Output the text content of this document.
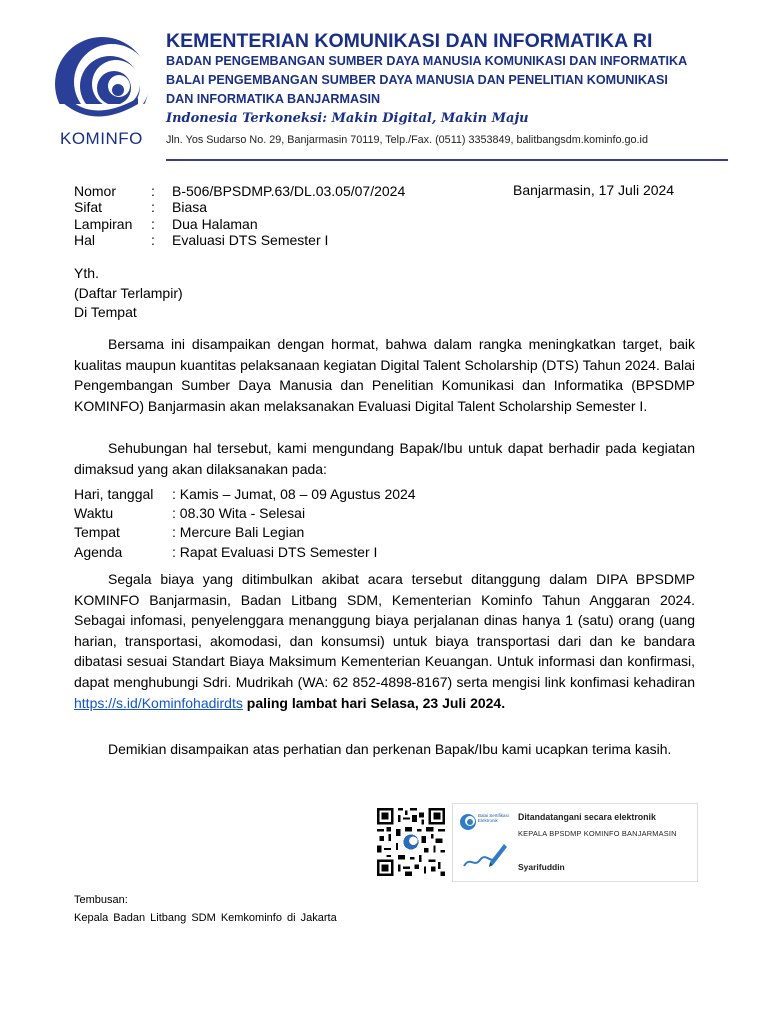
KOMINFO
KEMENTERIAN KOMUNIKASI DAN INFORMATIKA RI
BADAN PENGEMBANGAN SUMBER DAYA MANUSIA KOMUNIKASI DAN INFORMATIKA
BALAI PENGEMBANGAN SUMBER DAYA MANUSIA DAN PENELITIAN KOMUNIKASI
DAN INFORMATIKA BANJARMASIN
Indonesia Terkoneksi: Makin Digital, Makin Maju
Jln. Yos Sudarso No. 29, Banjarmasin 70119, Telp./Fax. (0511) 3353849, balitbangsdm.kominfo.go.id
Nomor : B-506/BPSDMP.63/DL.03.05/07/2024
Sifat	: Biasa
Lampiran : Dua Halaman
Hal	: Evaluasi DTS Semester I
Banjarmasin, 17 Juli 2024
Yth.
(Daftar Terlampir)
Di Tempat
Bersama ini disampaikan dengan hormat, bahwa dalam rangka meningkatkan target, baik kualitas maupun kuantitas pelaksanaan kegiatan Digital Talent Scholarship (DTS) Tahun 2024. Balai Pengembangan Sumber Daya Manusia dan Penelitian Komunikasi dan Informatika (BPSDMP KOMINFO) Banjarmasin akan melaksanakan Evaluasi Digital Talent Scholarship Semester I.
Sehubungan hal tersebut, kami mengundang Bapak/Ibu untuk dapat berhadir pada kegiatan dimaksud yang akan dilaksanakan pada:
Hari, tanggal : Kamis – Jumat, 08 – 09 Agustus 2024
Waktu	: 08.30 Wita - Selesai
Tempat	: Mercure Bali Legian
Agenda	: Rapat Evaluasi DTS Semester I
Segala biaya yang ditimbulkan akibat acara tersebut ditanggung dalam DIPA BPSDMP KOMINFO Banjarmasin, Badan Litbang SDM, Kementerian Kominfo Tahun Anggaran 2024. Sebagai infomasi, penyelenggara menanggung biaya perjalanan dinas hanya 1 (satu) orang (uang harian, transportasi, akomodasi, dan konsumsi) untuk biaya transportasi dari dan ke bandara dibatasi sesuai Standart Biaya Maksimum Kementerian Keuangan. Untuk informasi dan konfirmasi, dapat menghubungi Sdri. Mudrikah (WA: 62 852-4898-8167) serta mengisi link konfimasi kehadiran https://s.id/Kominfohadirdts paling lambat hari Selasa, 23 Juli 2024.
Demikian disampaikan atas perhatian dan perkenan Bapak/Ibu kami ucapkan terima kasih.
Balai Sertifikasi Elektronik	Ditandatangani secara elektronik
KEPALA BPSDMP KOMINFO BANJARMASIN
Syarifuddin
Tembusan:
Kepala Badan Litbang SDM Kemkominfo di Jakarta
